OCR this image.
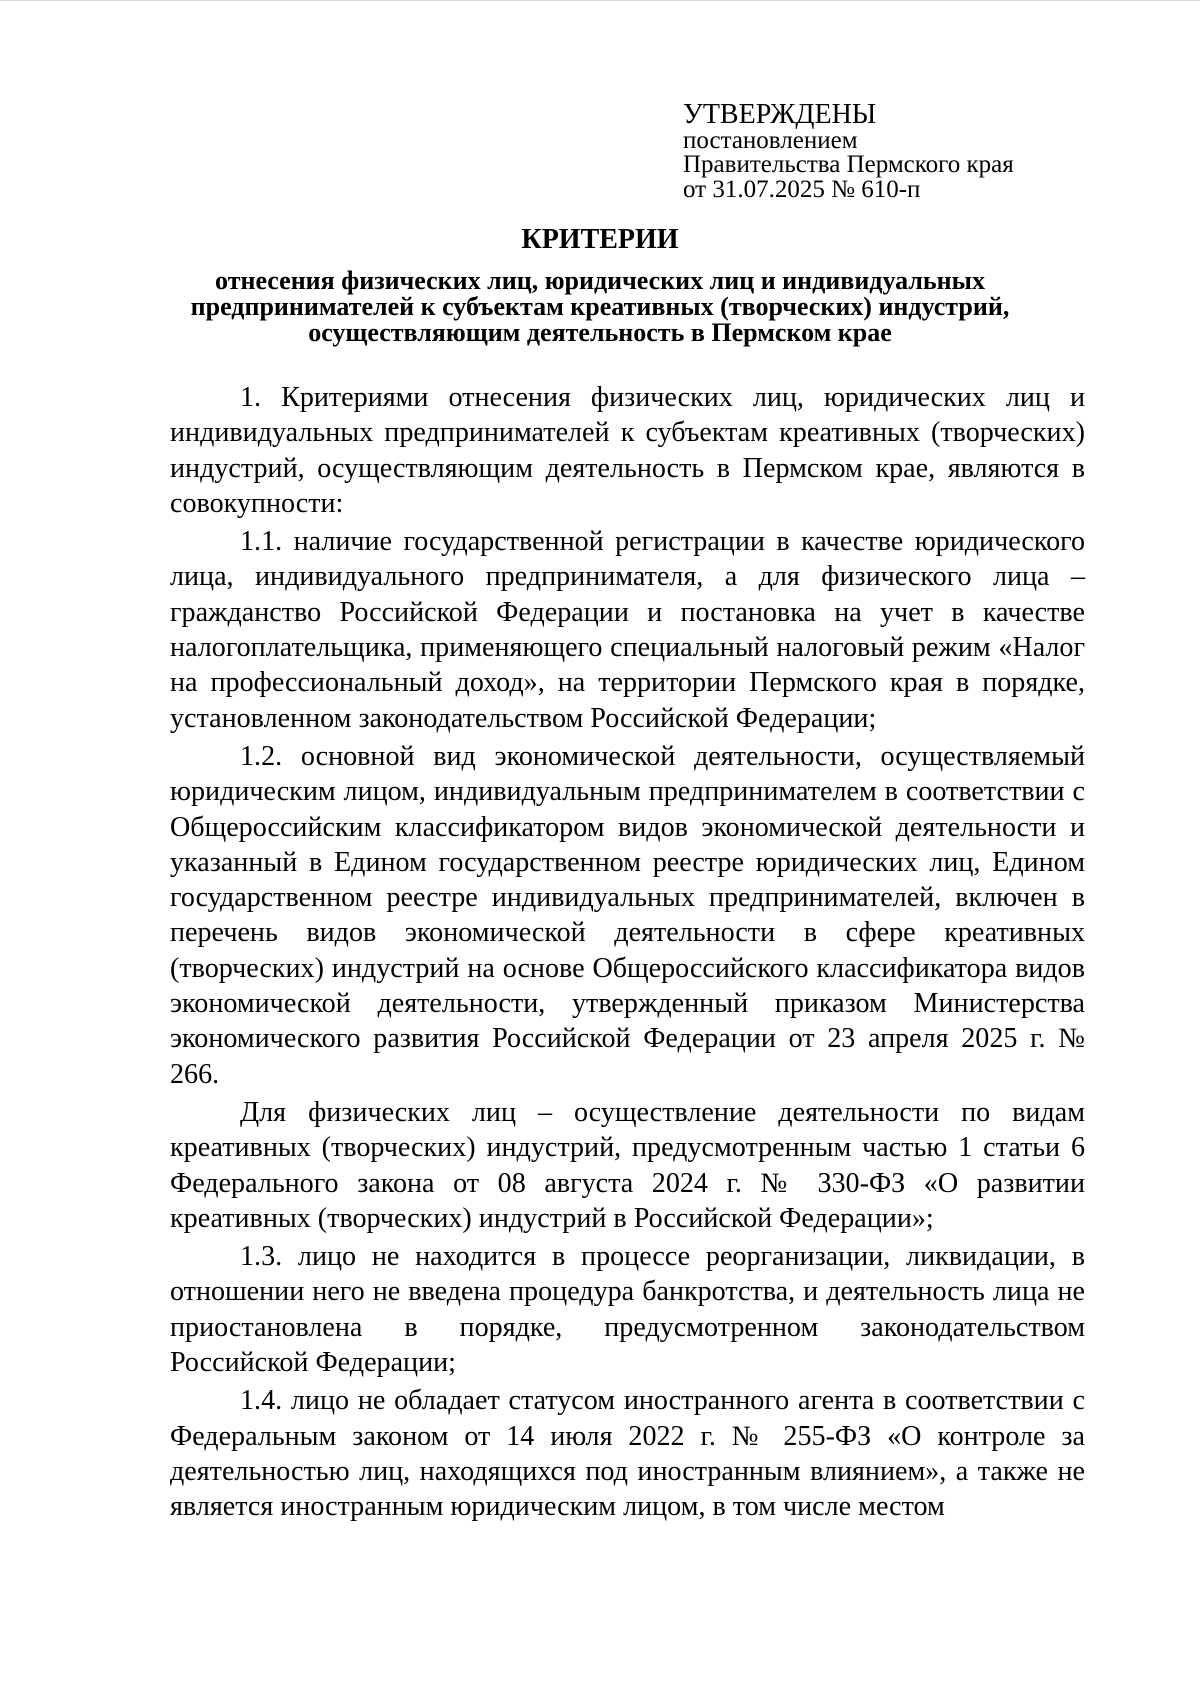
УТВЕРЖДЕНЫ
постановлением
Правительства Пермского края
от 31.07.2025 № 610-п
КРИТЕРИИ
отнесения физических лиц, юридических лиц и индивидуальных предпринимателей к субъектам креативных (творческих) индустрий, осуществляющим деятельность в Пермском крае

1. Критериями отнесения физических лиц, юридических лиц и индивидуальных предпринимателей к субъектам креативных (творческих) индустрий, осуществляющим деятельность в Пермском крае, являются в совокупности:

1.1. наличие государственной регистрации в качестве юридического лица, индивидуального предпринимателя, а для физического лица – гражданство Российской Федерации и постановка на учет в качестве налогоплательщика, применяющего специальный налоговый режим «Налог на профессиональный доход», на территории Пермского края в порядке, установленном законодательством Российской Федерации;

1.2. основной вид экономической деятельности, осуществляемый юридическим лицом, индивидуальным предпринимателем в соответствии с Общероссийским классификатором видов экономической деятельности и указанный в Едином государственном реестре юридических лиц, Едином государственном реестре индивидуальных предпринимателей, включен в перечень видов экономической деятельности в сфере креативных (творческих) индустрий на основе Общероссийского классификатора видов экономической деятельности, утвержденный приказом Министерства экономического развития Российской Федерации от 23 апреля 2025 г. № 266.

Для физических лиц – осуществление деятельности по видам креативных (творческих) индустрий, предусмотренным частью 1 статьи 6 Федерального закона от 08 августа 2024 г. № 330-ФЗ «О развитии креативных (творческих) индустрий в Российской Федерации»;

1.3. лицо не находится в процессе реорганизации, ликвидации, в отношении него не введена процедура банкротства, и деятельность лица не приостановлена в порядке, предусмотренном законодательством Российской Федерации;

1.4. лицо не обладает статусом иностранного агента в соответствии с Федеральным законом от 14 июля 2022 г. № 255-ФЗ «О контроле за деятельностью лиц, находящихся под иностранным влиянием», а также не является иностранным юридическим лицом, в том числе местом
